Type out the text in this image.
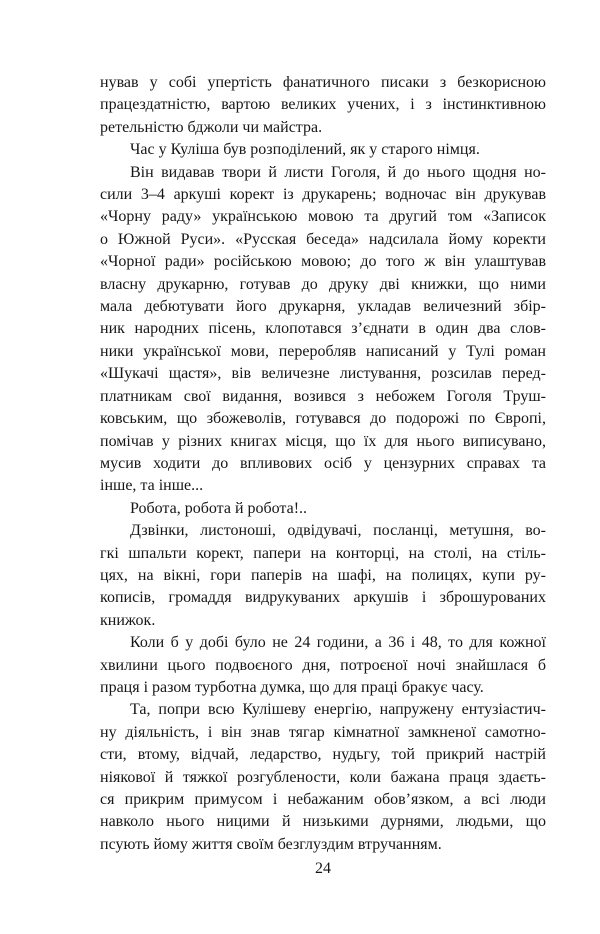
нував у собі упертість фанатичного писаки з безкорисною
працездатністю, вартою великих учених, і з інстинктивною
ретельністю бджоли чи майстра.
Час у Куліша був розподілений, як у старого німця.
Він видавав твори й листи Гоголя, й до нього щодня но-
сили 3–4 аркуші корект із друкарень; водночас він друкував
«Чорну раду» українською мовою та другий том «Записок
о Южной Руси». «Русская беседа» надсилала йому коректи
«Чорної ради» російською мовою; до того ж він улаштував
власну друкарню, готував до друку дві книжки, що ними
мала дебютувати його друкарня, укладав величезний збір-
ник народних пісень, клопотався з’єднати в один два слов-
ники української мови, переробляв написаний у Тулі роман
«Шукачі щастя», вів величезне листування, розсилав перед-
платникам свої видання, возився з небожем Гоголя Труш-
ковським, що збожеволів, готувався до подорожі по Європі,
помічав у різних книгах місця, що їх для нього виписувано,
мусив ходити до впливових осіб у цензурних справах та
інше, та інше...
Робота, робота й робота!..
Дзвінки, листоноші, одвідувачі, посланці, метушня, во-
гкі шпальти корект, папери на конторці, на столі, на стіль-
цях, на вікні, гори паперів на шафі, на полицях, купи ру-
кописів, громаддя видрукуваних аркушів і зброшурованих
книжок.
Коли б у добі було не 24 години, а 36 і 48, то для кожної
хвилини цього подвоєного дня, потроєної ночі знайшлася б
праця і разом турботна думка, що для праці бракує часу.
Та, попри всю Кулішеву енергію, напружену ентузіастич-
ну діяльність, і він знав тягар кімнатної замкненої самотно-
сти, втому, відчай, ледарство, нудьгу, той прикрий настрій
ніякової й тяжкої розгублености, коли бажана праця здаєть-
ся прикрим примусом і небажаним обов’язком, а всі люди
навколо нього ницими й низькими дурнями, людьми, що
псують йому життя своїм безглуздим втручанням.
24
